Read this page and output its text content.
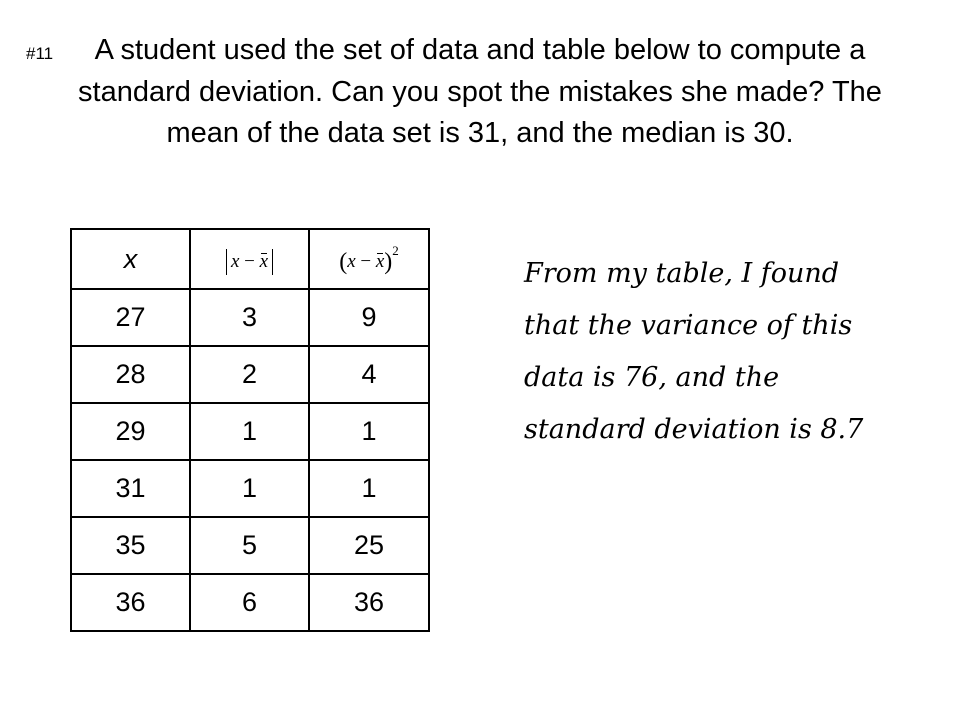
#11	A student used the set of data and table below to compute a standard deviation. Can you spot the mistakes she made? The mean of the data set is 31, and the median is 30.
x	x − x	$(x - x)^2$
27	3	9
28	2	4
29	1	1
31	1	1
35	5	25
36	6	36
From my table, I found
that the variance of this
data is 76, and the
standard deviation is 8.7
